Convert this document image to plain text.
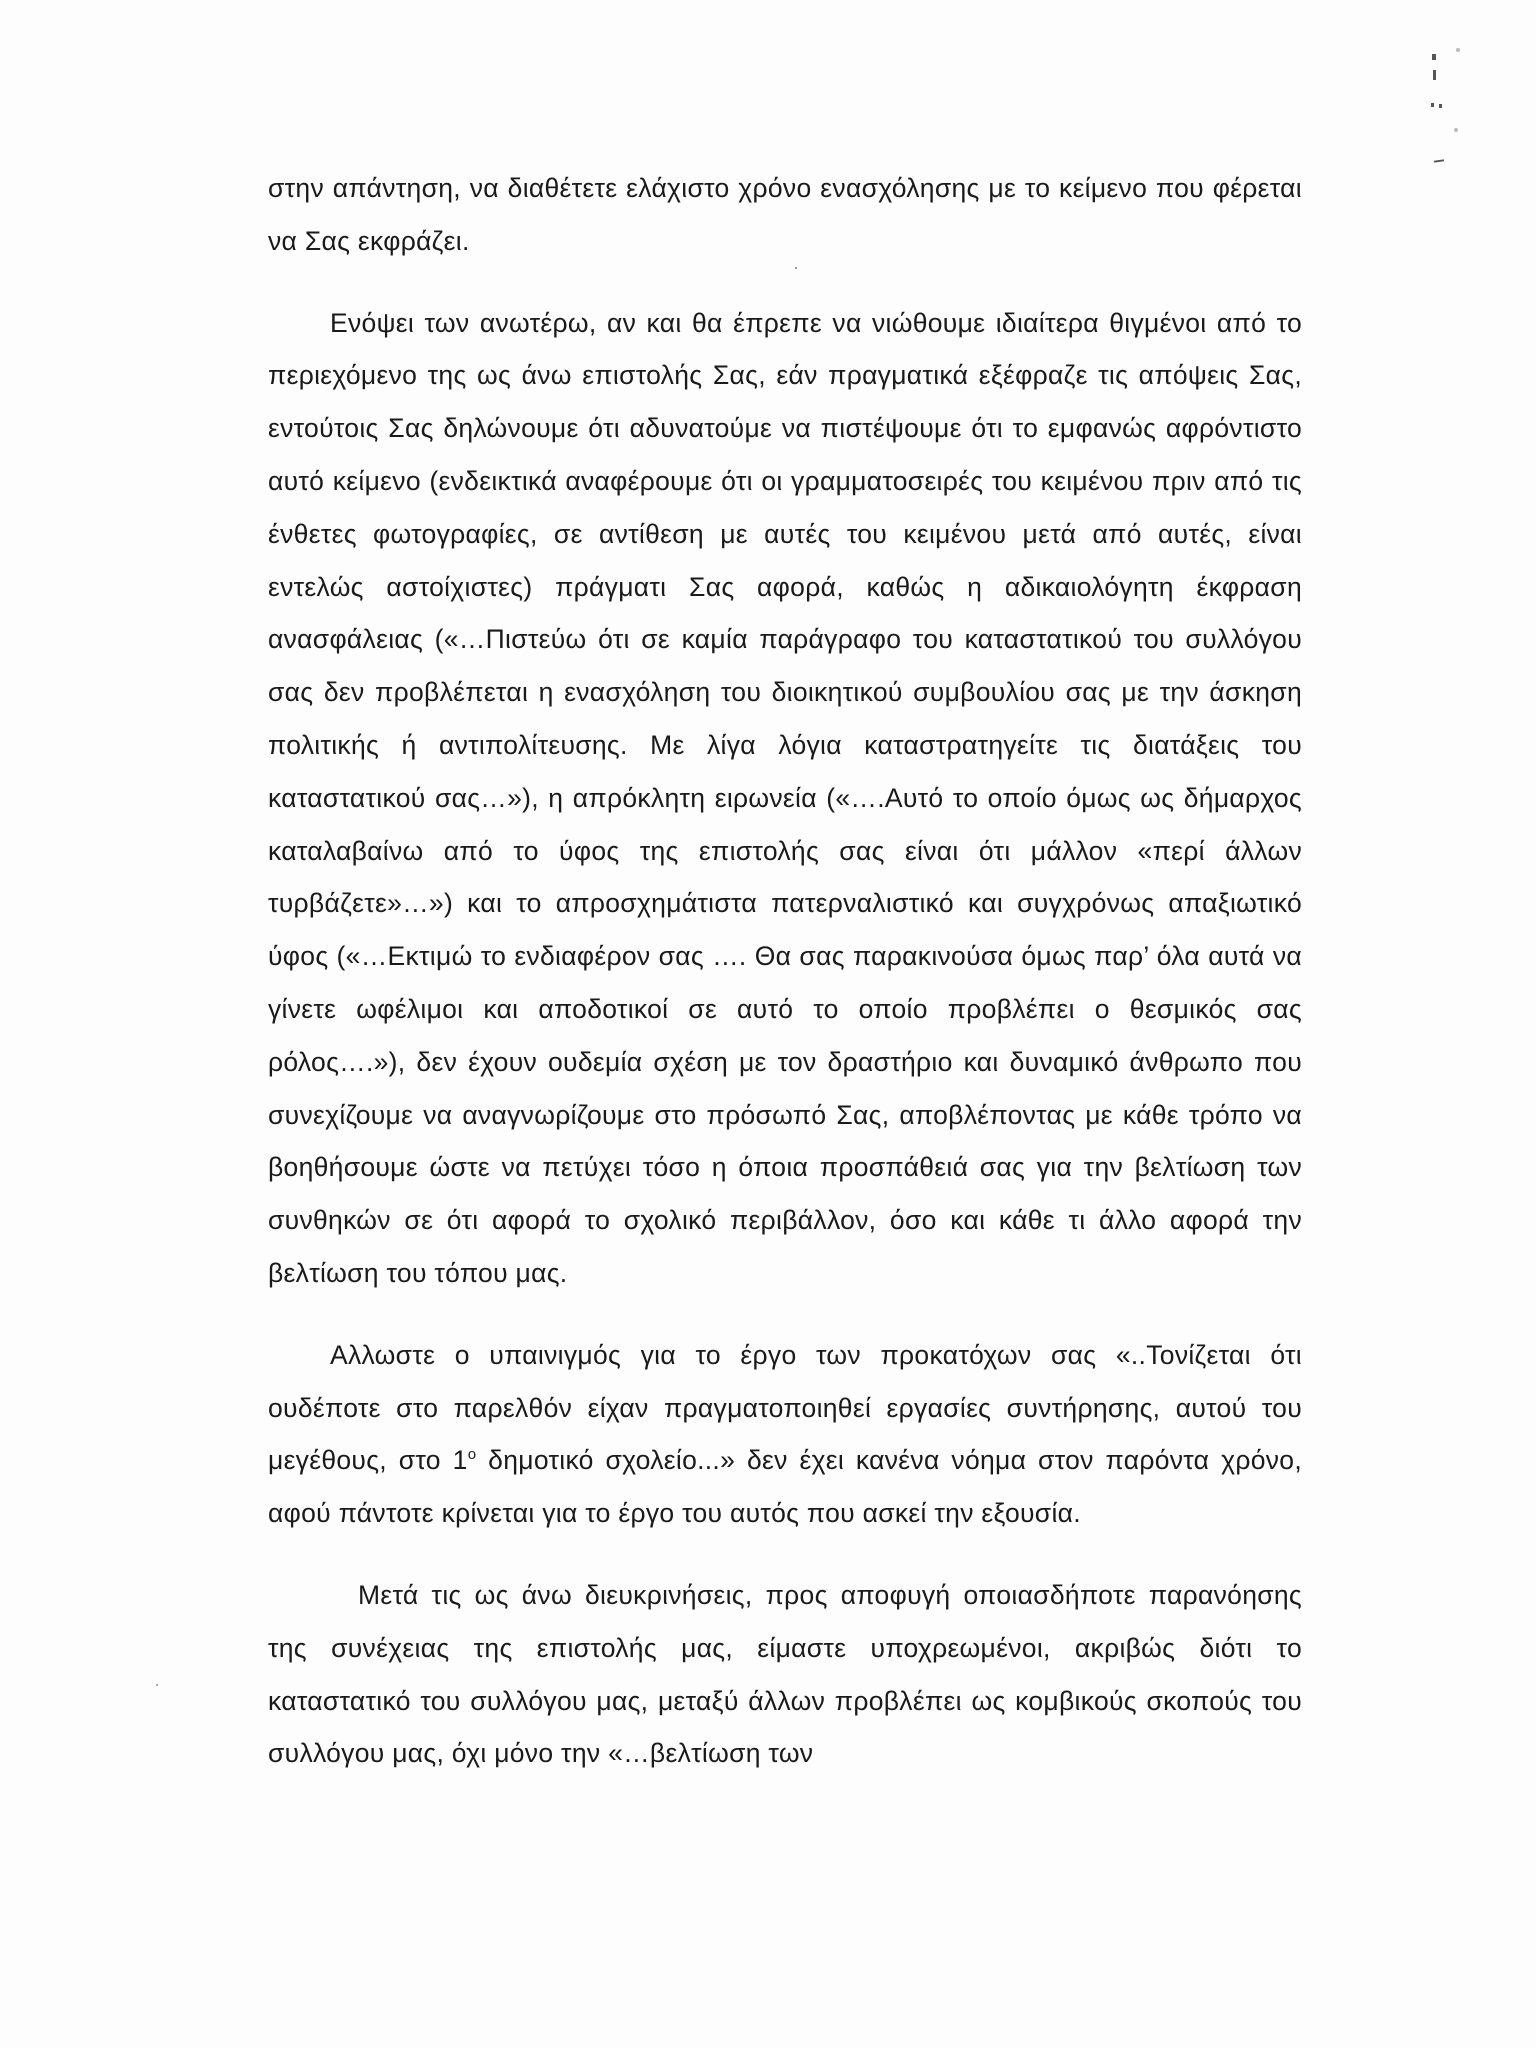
στην απάντηση, να διαθέτετε ελάχιστο χρόνο ενασχόλησης με το κείμενο που φέρεται να Σας εκφράζει.

Ενόψει των ανωτέρω, αν και θα έπρεπε να νιώθουμε ιδιαίτερα θιγμένοι από το περιεχόμενο της ως άνω επιστολής Σας, εάν πραγματικά εξέφραζε τις απόψεις Σας, εντούτοις Σας δηλώνουμε ότι αδυνατούμε να πιστέψουμε ότι το εμφανώς αφρόντιστο αυτό κείμενο (ενδεικτικά αναφέρουμε ότι οι γραμματοσειρές του κειμένου πριν από τις ένθετες φωτογραφίες, σε αντίθεση με αυτές του κειμένου μετά από αυτές, είναι εντελώς αστοίχιστες) πράγματι Σας αφορά, καθώς η αδικαιολόγητη έκφραση ανασφάλειας («…Πιστεύω ότι σε καμία παράγραφο του καταστατικού του συλλόγου σας δεν προβλέπεται η ενασχόληση του διοικητικού συμβουλίου σας με την άσκηση πολιτικής ή αντιπολίτευσης. Με λίγα λόγια καταστρατηγείτε τις διατάξεις του καταστατικού σας…»), η απρόκλητη ειρωνεία («….Αυτό το οποίο όμως ως δήμαρχος καταλαβαίνω από το ύφος της επιστολής σας είναι ότι μάλλον «περί άλλων τυρβάζετε»…») και το απροσχημάτιστα πατερναλιστικό και συγχρόνως απαξιωτικό ύφος («…Εκτιμώ το ενδιαφέρον σας …. Θα σας παρακινούσα όμως παρ’ όλα αυτά να γίνετε ωφέλιμοι και αποδοτικοί σε αυτό το οποίο προβλέπει ο θεσμικός σας ρόλος….»), δεν έχουν ουδεμία σχέση με τον δραστήριο και δυναμικό άνθρωπο που συνεχίζουμε να αναγνωρίζουμε στο πρόσωπό Σας, αποβλέποντας με κάθε τρόπο να βοηθήσουμε ώστε να πετύχει τόσο η όποια προσπάθειά σας για την βελτίωση των συνθηκών σε ότι αφορά το σχολικό περιβάλλον, όσο και κάθε τι άλλο αφορά την βελτίωση του τόπου μας.

Αλλωστε ο υπαινιγμός για το έργο των προκατόχων σας «..Τονίζεται ότι ουδέποτε στο παρελθόν είχαν πραγματοποιηθεί εργασίες συντήρησης, αυτού του μεγέθους, στο $1^o$ δημοτικό σχολείο...» δεν έχει κανένα νόημα στον παρόντα χρόνο, αφού πάντοτε κρίνεται για το έργο του αυτός που ασκεί την εξουσία.

Μετά τις ως άνω διευκρινήσεις, προς αποφυγή οποιασδήποτε παρανόησης της συνέχειας της επιστολής μας, είμαστε υποχρεωμένοι, ακριβώς διότι το καταστατικό του συλλόγου μας, μεταξύ άλλων προβλέπει ως κομβικούς σκοπούς του συλλόγου μας, όχι μόνο την «…βελτίωση των
